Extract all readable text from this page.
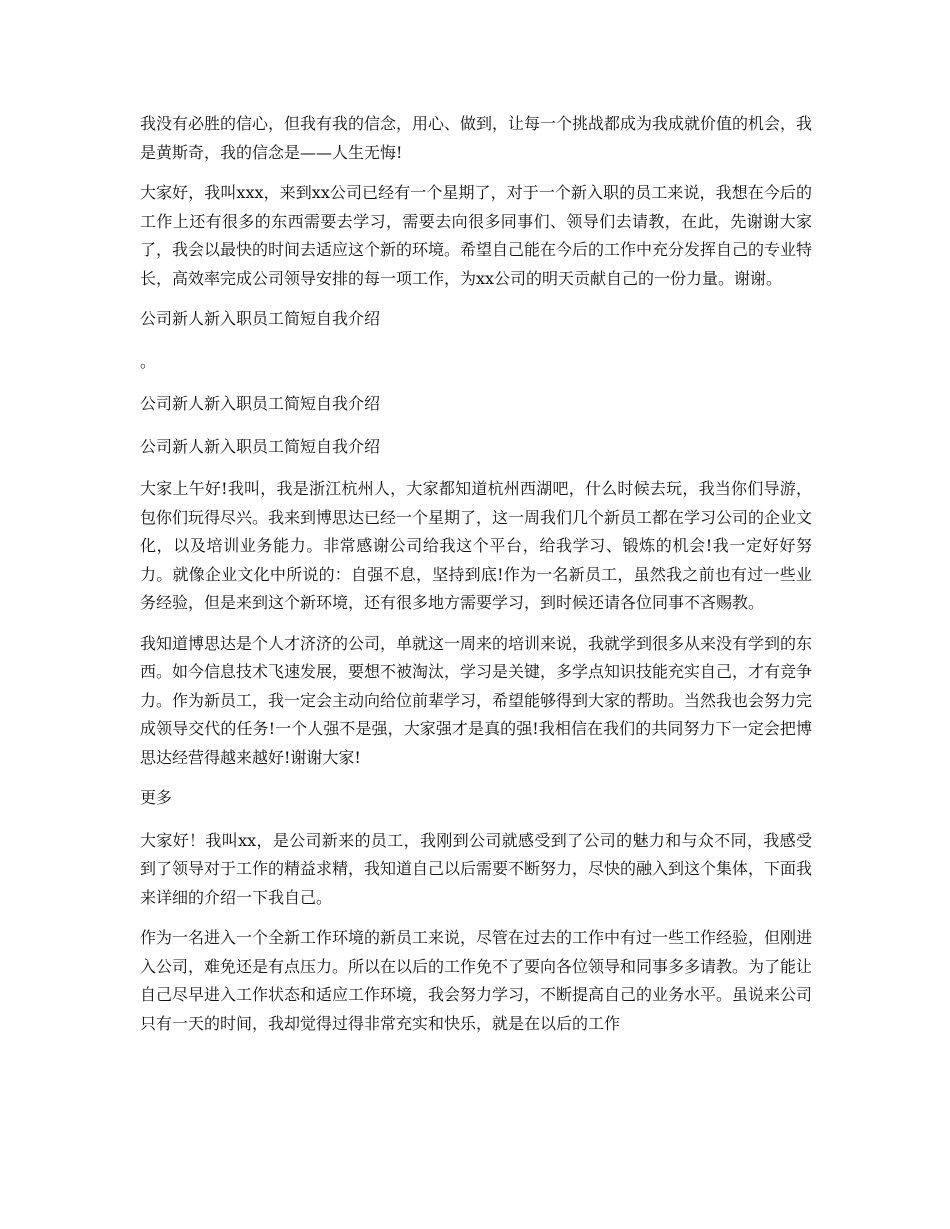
我没有必胜的信心，但我有我的信念，用心、做到，让每一个挑战都成为我成就价值的机会，我是黄斯奇，我的信念是——人生无悔!

大家好，我叫xxx，来到xx公司已经有一个星期了，对于一个新入职的员工来说，我想在今后的工作上还有很多的东西需要去学习，需要去向很多同事们、领导们去请教，在此，先谢谢大家了，我会以最快的时间去适应这个新的环境。希望自己能在今后的工作中充分发挥自己的专业特长，高效率完成公司领导安排的每一项工作，为xx公司的明天贡献自己的一份力量。谢谢。

公司新人新入职员工简短自我介绍

。

公司新人新入职员工简短自我介绍

公司新人新入职员工简短自我介绍

大家上午好!我叫，我是浙江杭州人，大家都知道杭州西湖吧，什么时候去玩，我当你们导游，包你们玩得尽兴。我来到博思达已经一个星期了，这一周我们几个新员工都在学习公司的企业文化，以及培训业务能力。非常感谢公司给我这个平台，给我学习、锻炼的机会!我一定好好努力。就像企业文化中所说的：自强不息，坚持到底!作为一名新员工，虽然我之前也有过一些业务经验，但是来到这个新环境，还有很多地方需要学习，到时候还请各位同事不吝赐教。

我知道博思达是个人才济济的公司，单就这一周来的培训来说，我就学到很多从来没有学到的东西。如今信息技术飞速发展，要想不被淘汰，学习是关键，多学点知识技能充实自己，才有竞争力。作为新员工，我一定会主动向给位前辈学习，希望能够得到大家的帮助。当然我也会努力完成领导交代的任务!一个人强不是强，大家强才是真的强!我相信在我们的共同努力下一定会把博思达经营得越来越好!谢谢大家!

更多

大家好！我叫xx，是公司新来的员工，我刚到公司就感受到了公司的魅力和与众不同，我感受到了领导对于工作的精益求精，我知道自己以后需要不断努力，尽快的融入到这个集体，下面我来详细的介绍一下我自己。

作为一名进入一个全新工作环境的新员工来说，尽管在过去的工作中有过一些工作经验，但刚进入公司，难免还是有点压力。所以在以后的工作免不了要向各位领导和同事多多请教。为了能让自己尽早进入工作状态和适应工作环境，我会努力学习，不断提高自己的业务水平。虽说来公司只有一天的时间，我却觉得过得非常充实和快乐，就是在以后的工作
